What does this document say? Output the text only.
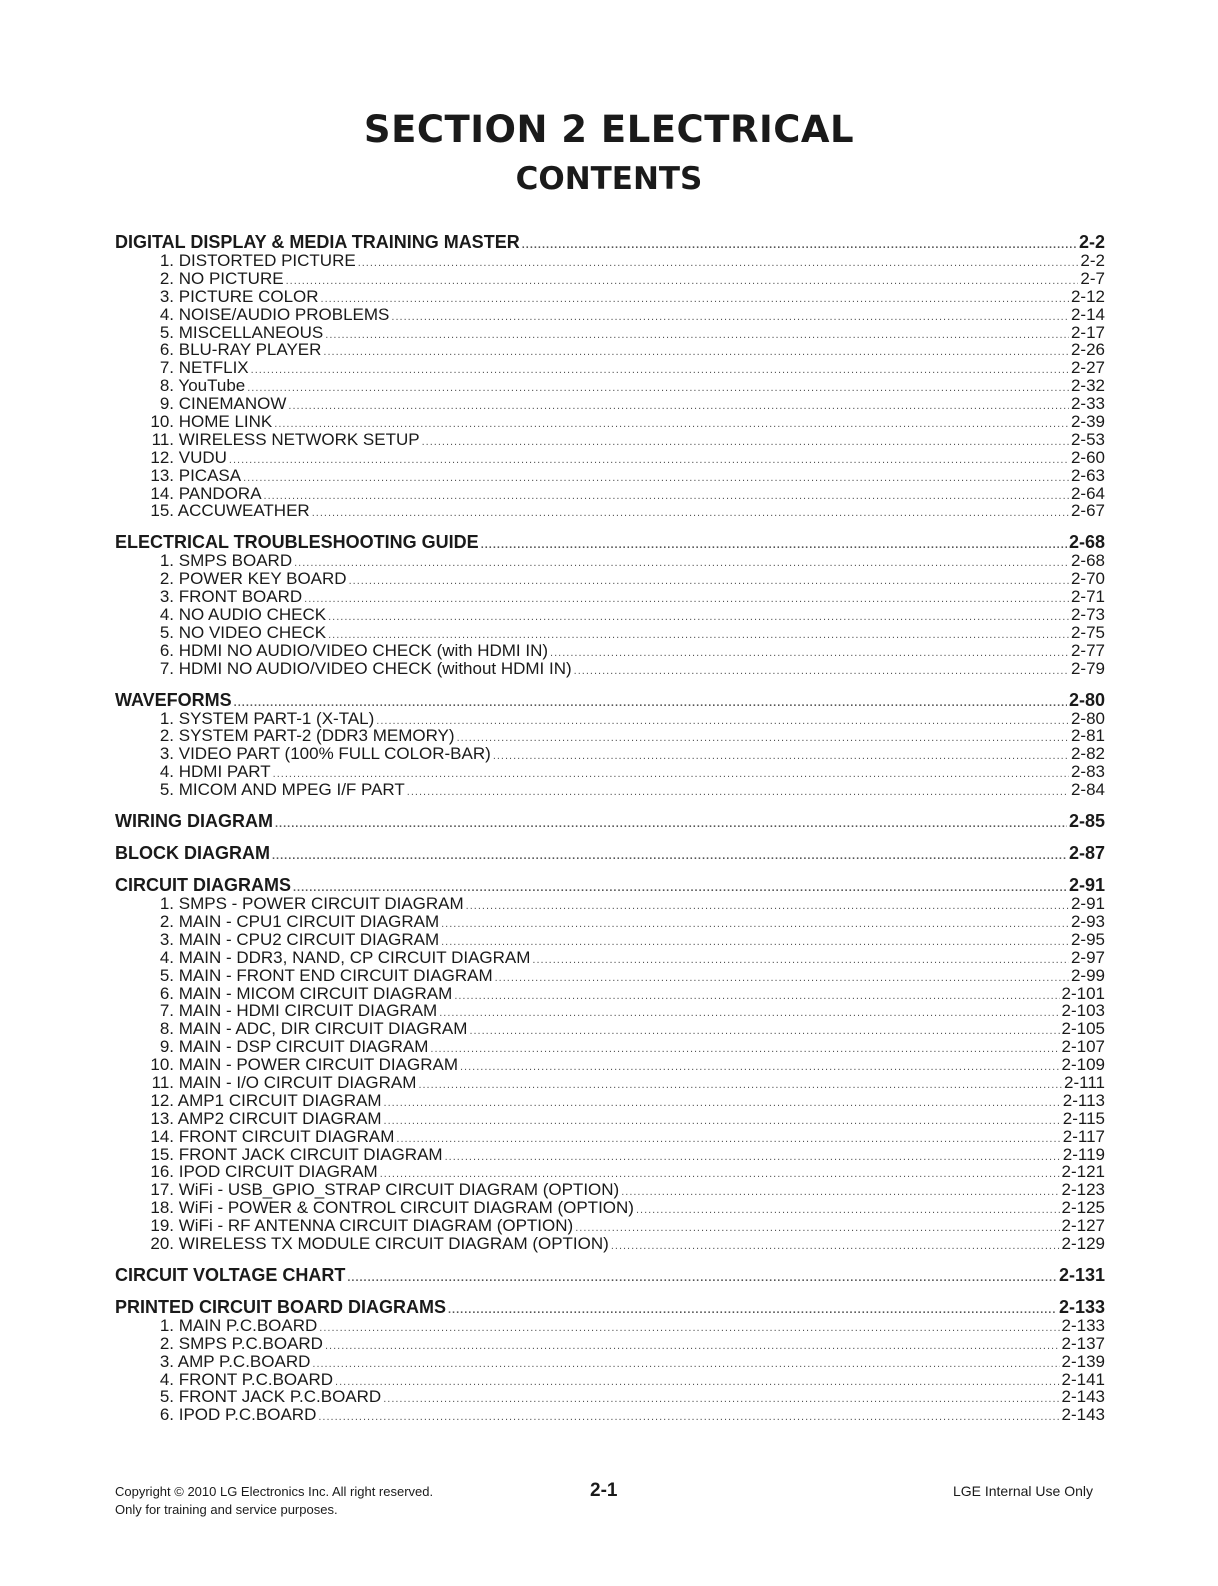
SECTION 2 ELECTRICAL
CONTENTS
DIGITAL DISPLAY & MEDIA TRAINING MASTER .....	2-2
1. DISTORTED PICTURE .....	2-2
2. NO PICTURE .....	2-7
3. PICTURE COLOR .....	2-12
4. NOISE/AUDIO PROBLEMS .....	2-14
5. MISCELLANEOUS .....	2-17
6. BLU-RAY PLAYER .....	2-26
7. NETFLIX .....	2-27
8. YouTube .....	2-32
9. CINEMANOW .....	2-33
10. HOME LINK .....	2-39
11. WIRELESS NETWORK SETUP .....	2-53
12. VUDU .....	2-60
13. PICASA .....	2-63
14. PANDORA .....	2-64
15. ACCUWEATHER .....	2-67
ELECTRICAL TROUBLESHOOTING GUIDE .....	2-68
1. SMPS BOARD .....	2-68
2. POWER KEY BOARD .....	2-70
3. FRONT BOARD .....	2-71
4. NO AUDIO CHECK .....	2-73
5. NO VIDEO CHECK .....	2-75
6. HDMI NO AUDIO/VIDEO CHECK (with HDMI IN) .....	2-77
7. HDMI NO AUDIO/VIDEO CHECK (without HDMI IN) .....	2-79
WAVEFORMS .....	2-80
1. SYSTEM PART-1 (X-TAL) .....	2-80
2. SYSTEM PART-2 (DDR3 MEMORY) .....	2-81
3. VIDEO PART (100% FULL COLOR-BAR) .....	2-82
4. HDMI PART .....	2-83
5. MICOM AND MPEG I/F PART .....	2-84
WIRING DIAGRAM .....	2-85
BLOCK DIAGRAM .....	2-87
CIRCUIT DIAGRAMS .....	2-91
1. SMPS - POWER CIRCUIT DIAGRAM .....	2-91
2. MAIN - CPU1 CIRCUIT DIAGRAM .....	2-93
3. MAIN - CPU2 CIRCUIT DIAGRAM .....	2-95
4. MAIN - DDR3, NAND, CP CIRCUIT DIAGRAM .....	2-97
5. MAIN - FRONT END CIRCUIT DIAGRAM .....	2-99
6. MAIN - MICOM CIRCUIT DIAGRAM .....	2-101
7. MAIN - HDMI CIRCUIT DIAGRAM .....	2-103
8. MAIN - ADC, DIR CIRCUIT DIAGRAM .....	2-105
9. MAIN - DSP CIRCUIT DIAGRAM .....	2-107
10. MAIN - POWER CIRCUIT DIAGRAM .....	2-109
11. MAIN - I/O CIRCUIT DIAGRAM .....	2-111
12. AMP1 CIRCUIT DIAGRAM .....	2-113
13. AMP2 CIRCUIT DIAGRAM .....	2-115
14. FRONT CIRCUIT DIAGRAM .....	2-117
15. FRONT JACK CIRCUIT DIAGRAM .....	2-119
16. IPOD CIRCUIT DIAGRAM .....	2-121
17. WiFi - USB_GPIO_STRAP CIRCUIT DIAGRAM (OPTION) .....	2-123
18. WiFi - POWER & CONTROL CIRCUIT DIAGRAM (OPTION) .....	2-125
19. WiFi - RF ANTENNA CIRCUIT DIAGRAM (OPTION) .....	2-127
20. WIRELESS TX MODULE CIRCUIT DIAGRAM (OPTION) .....	2-129
CIRCUIT VOLTAGE CHART .....	2-131
PRINTED CIRCUIT BOARD DIAGRAMS .....	2-133
1. MAIN P.C.BOARD .....	2-133
2. SMPS P.C.BOARD .....	2-137
3. AMP P.C.BOARD .....	2-139
4. FRONT P.C.BOARD .....	2-141
5. FRONT JACK P.C.BOARD .....	2-143
6. IPOD P.C.BOARD .....	2-143
Copyright © 2010 LG Electronics Inc. All right reserved.
Only for training and service purposes.
2-1	LGE Internal Use Only
